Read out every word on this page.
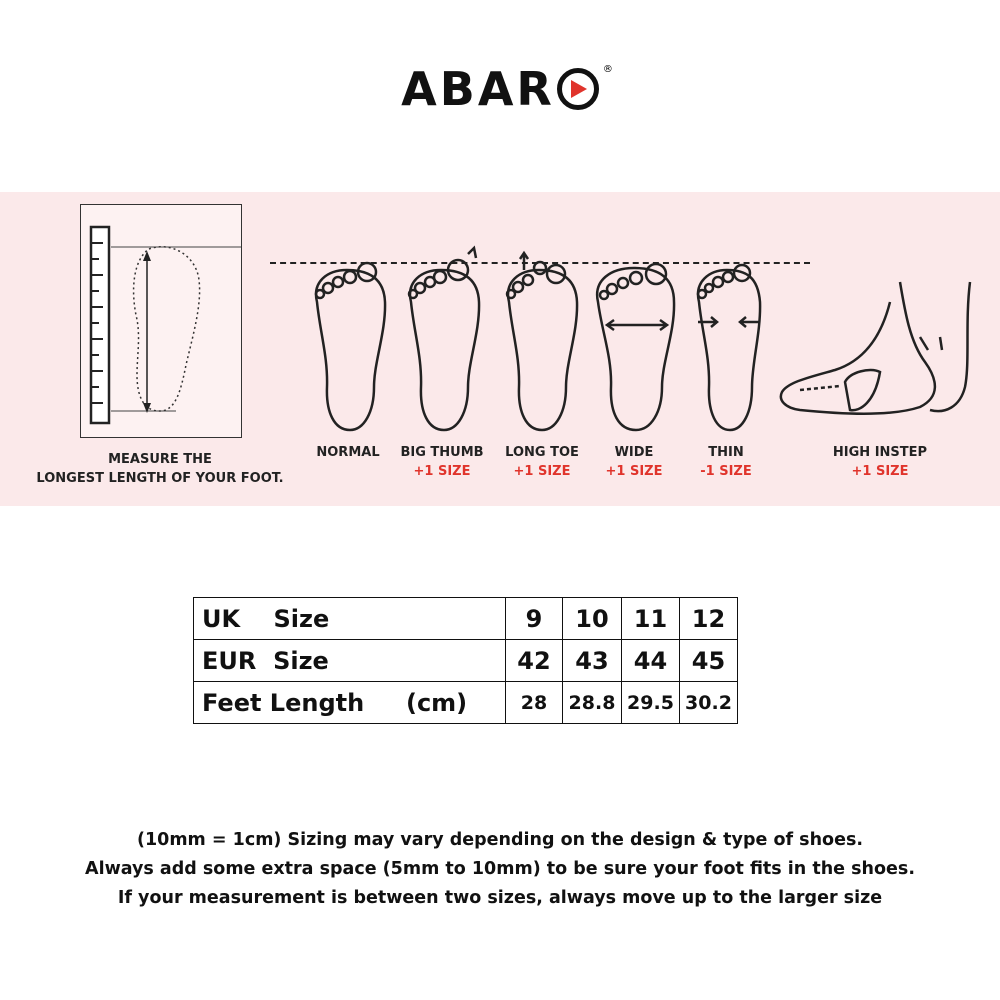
ABAR	®
MEASURE THE
LONGEST LENGTH OF YOUR FOOT.
NORMAL	BIG THUMB
+1 SIZE
LONG TOE
+1 SIZE
WIDE
+1 SIZE
THIN
-1 SIZE
HIGH INSTEP
+1 SIZE
UK    Size	9	10	11	12
EUR  Size	42	43	44	45
Feet Length     (cm)	28	28.8	29.5	30.2
(10mm = 1cm) Sizing may vary depending on the design & type of shoes.
Always add some extra space (5mm to 10mm) to be sure your foot fits in the shoes.
If your measurement is between two sizes, always move up to the larger size
